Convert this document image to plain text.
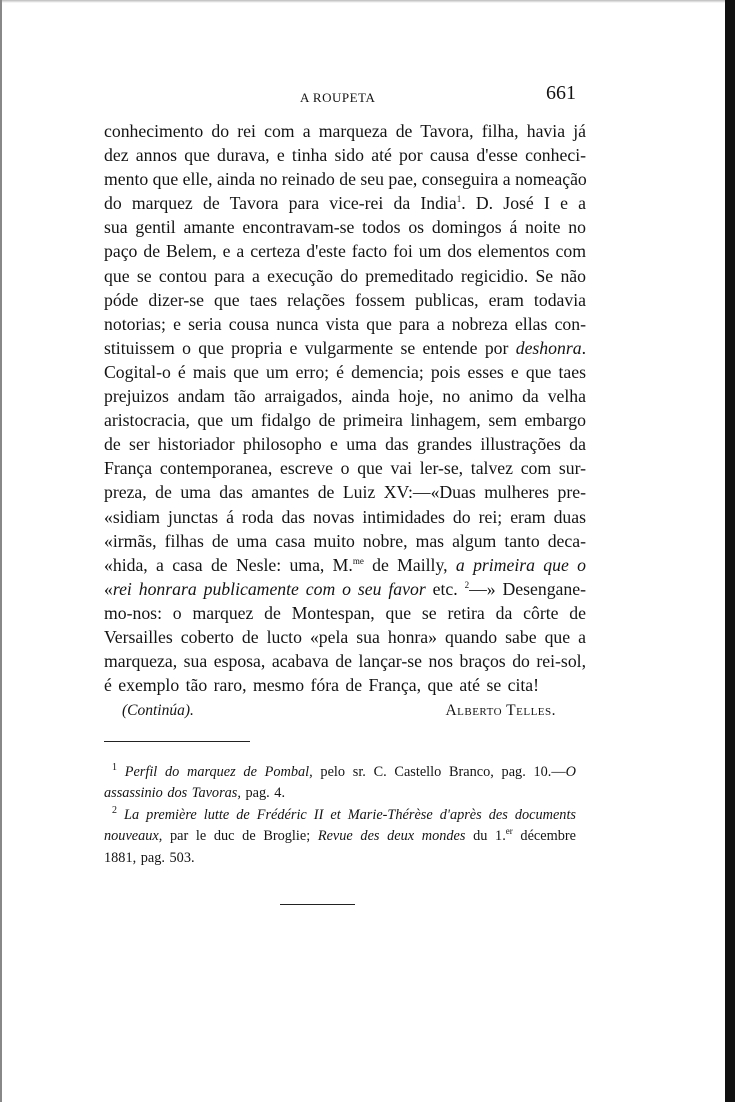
A ROUPETA	661
conhecimento do rei com a marqueza de Tavora, filha, havia já
dez annos que durava, e tinha sido até por causa d'esse conheci-
mento que elle, ainda no reinado de seu pae, conseguira a nomeação
do marquez de Tavora para vice-rei da India$^1$. D. José I e a
sua gentil amante encontravam-se todos os domingos á noite no
paço de Belem, e a certeza d'este facto foi um dos elementos com
que se contou para a execução do premeditado regicidio. Se não
póde dizer-se que taes relações fossem publicas, eram todavia
notorias; e seria cousa nunca vista que para a nobreza ellas con-
stituissem o que propria e vulgarmente se entende por deshonra.
Cogital-o é mais que um erro; é demencia; pois esses e que taes
prejuizos andam tão arraigados, ainda hoje, no animo da velha
aristocracia, que um fidalgo de primeira linhagem, sem embargo
de ser historiador philosopho e uma das grandes illustrações da
França contemporanea, escreve o que vai ler-se, talvez com sur-
preza, de uma das amantes de Luiz XV:—«Duas mulheres pre-
«sidiam junctas á roda das novas intimidades do rei; eram duas
«irmãs, filhas de uma casa muito nobre, mas algum tanto deca-
«hida, a casa de Nesle: uma, M.$^{me}$ de Mailly, a primeira que o
«rei honrara publicamente com o seu favor etc. $^2$—» Desengane-
mo-nos: o marquez de Montespan, que se retira da côrte de
Versailles coberto de lucto «pela sua honra» quando sabe que a
marqueza, sua esposa, acabava de lançar-se nos braços do rei-sol,
é exemplo tão raro, mesmo fóra de França, que até se cita!
(Continúa).	Alberto Telles.
$^1$ Perfil do marquez de Pombal, pelo sr. C. Castello Branco, pag. 10.—O
assassinio dos Tavoras, pag. 4.
$^2$ La première lutte de Frédéric II et Marie-Thérèse d'après des documents
nouveaux, par le duc de Broglie; Revue des deux mondes du 1.$^{er}$ décembre
1881, pag. 503.
